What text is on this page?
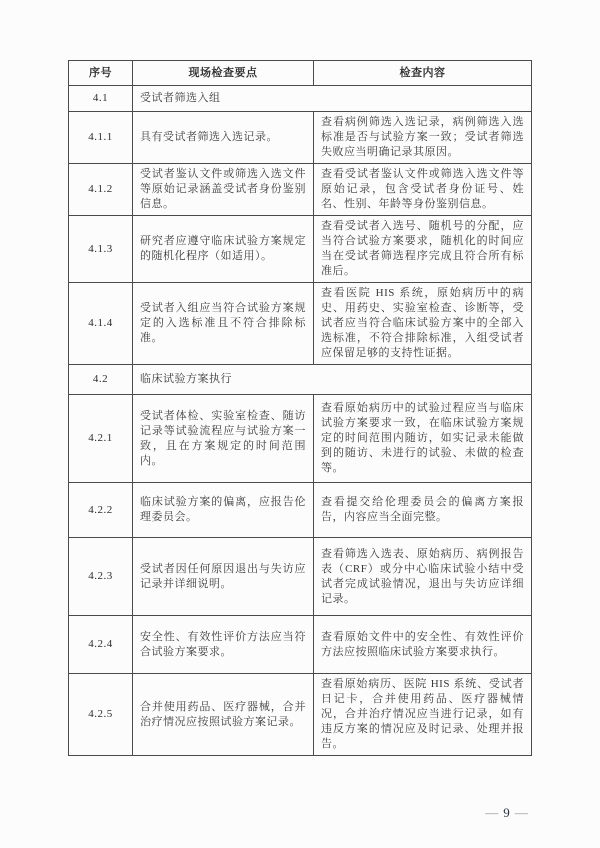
序号	现场检查要点	检查内容
4.1	受试者筛选入组	
4.1.1	具有受试者筛选入选记录。	查看病例筛选入选记录，病例筛选入选标准是否与试验方案一致；受试者筛选失败应当明确记录其原因。
4.1.2	受试者鉴认文件或筛选入选文件等原始记录涵盖受试者身份鉴别信息。	查看受试者鉴认文件或筛选入选文件等原始记录，包含受试者身份证号、姓名、性别、年龄等身份鉴别信息。
4.1.3	研究者应遵守临床试验方案规定的随机化程序（如适用）。	查看受试者入选号、随机号的分配，应当符合试验方案要求，随机化的时间应当在受试者筛选程序完成且符合所有标准后。
4.1.4	受试者入组应当符合试验方案规定的入选标准且不符合排除标准。	查看医院 HIS 系统，原始病历中的病史、用药史、实验室检查、诊断等，受试者应当符合临床试验方案中的全部入选标准，不符合排除标准，入组受试者应保留足够的支持性证据。
4.2	临床试验方案执行	
4.2.1	受试者体检、实验室检查、随访记录等试验流程应与试验方案一致，且在方案规定的时间范围内。	查看原始病历中的试验过程应当与临床试验方案要求一致，在临床试验方案规定的时间范围内随访，如实记录未能做到的随访、未进行的试验、未做的检查等。
4.2.2	临床试验方案的偏离，应报告伦理委员会。	查看提交给伦理委员会的偏离方案报告，内容应当全面完整。
4.2.3	受试者因任何原因退出与失访应记录并详细说明。	查看筛选入选表、原始病历、病例报告表（CRF）或分中心临床试验小结中受试者完成试验情况，退出与失访应详细记录。
4.2.4	安全性、有效性评价方法应当符合试验方案要求。	查看原始文件中的安全性、有效性评价方法应按照临床试验方案要求执行。
4.2.5	合并使用药品、医疗器械，合并治疗情况应按照试验方案记录。	查看原始病历、医院 HIS 系统、受试者日记卡，合并使用药品、医疗器械情况，合并治疗情况应当进行记录，如有违反方案的情况应及时记录、处理并报告。
— 9 —
